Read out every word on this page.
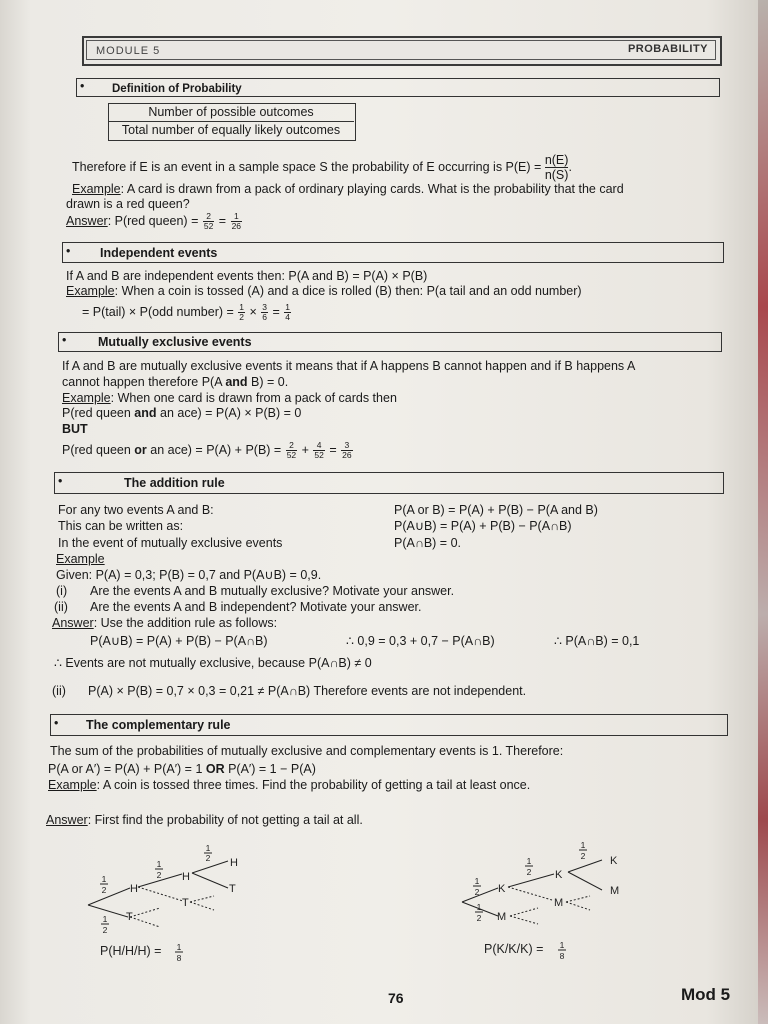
MODULE 5	PROBABILITY
• Definition of Probability
Number of possible outcomes
Total number of equally likely outcomes
Therefore if E is an event in a sample space S the probability of E occurring is $P(E) = \frac{n(E)}{n(S)}$.
Example: A card is drawn from a pack of ordinary playing cards. What is the probability that the card
drawn is a red queen?
Answer: P(red queen) = $\frac{2}{52} = \frac{1}{26}$
• Independent events
If A and B are independent events then: P(A and B) = P(A) × P(B)
Example: When a coin is tossed (A) and a dice is rolled (B) then: P(a tail and an odd number)
= P(tail) × P(odd number) = $\frac{1}{2} \times \frac{3}{6} = \frac{1}{4}$
•	Mutually exclusive events
If A and B are mutually exclusive events it means that if A happens B cannot happen and if B happens A
cannot happen therefore P(A and B) = 0.
Example: When one card is drawn from a pack of cards then
P(red queen and an ace) = P(A) × P(B) = 0
BUT
P(red queen or an $ace) = P(A) + P(B) = \frac{2}{52} + \frac{4}{52} = \frac{3}{26}$
•	The addition rule
For any two events A and B:	P(A or B) = P(A) + P(B) − P(A and B)
This can be written as:	P(A∪B) = P(A) + P(B) − P(A∩B)
In the event of mutually exclusive events	P(A∩B) = 0.
Example
Given: P(A) = 0,3; P(B) = 0,7 and P(A∪B) = 0,9.
(i) Are the events A and B mutually exclusive? Motivate your answer.
(ii) Are the events A and B independent? Motivate your answer.
Answer: Use the addition rule as follows:
P(A∪B) = P(A) + P(B) − P(A∩B)	∴ 0,9 = 0,3 + 0,7 − P(A∩B)	∴ P(A∩B) = 0,1
∴ Events are not mutually exclusive, because P(A∩B) ≠ 0
(ii) P(A) × P(B) = 0,7 × 0,3 = 0,21 ≠ P(A∩B) Therefore events are not independent.
• The complementary rule
The sum of the probabilities of mutually exclusive and complementary events is 1. Therefore:
P(A or A′) = P(A) + P(A′) = 1 OR P(A′) = 1 − P(A)
Example: A coin is tossed three times. Find the probability of getting a tail at least once.
Answer: First find the probability of not getting a tail at all.
H
T
H
T
H
T
1
2
1
2
1
2
1
2
P(H/H/H) = 1
8
K
M
K
M
K
M
1
2
1
2
1
2
1
2
P(K/K/K) = 1
8
76	Mod 5
